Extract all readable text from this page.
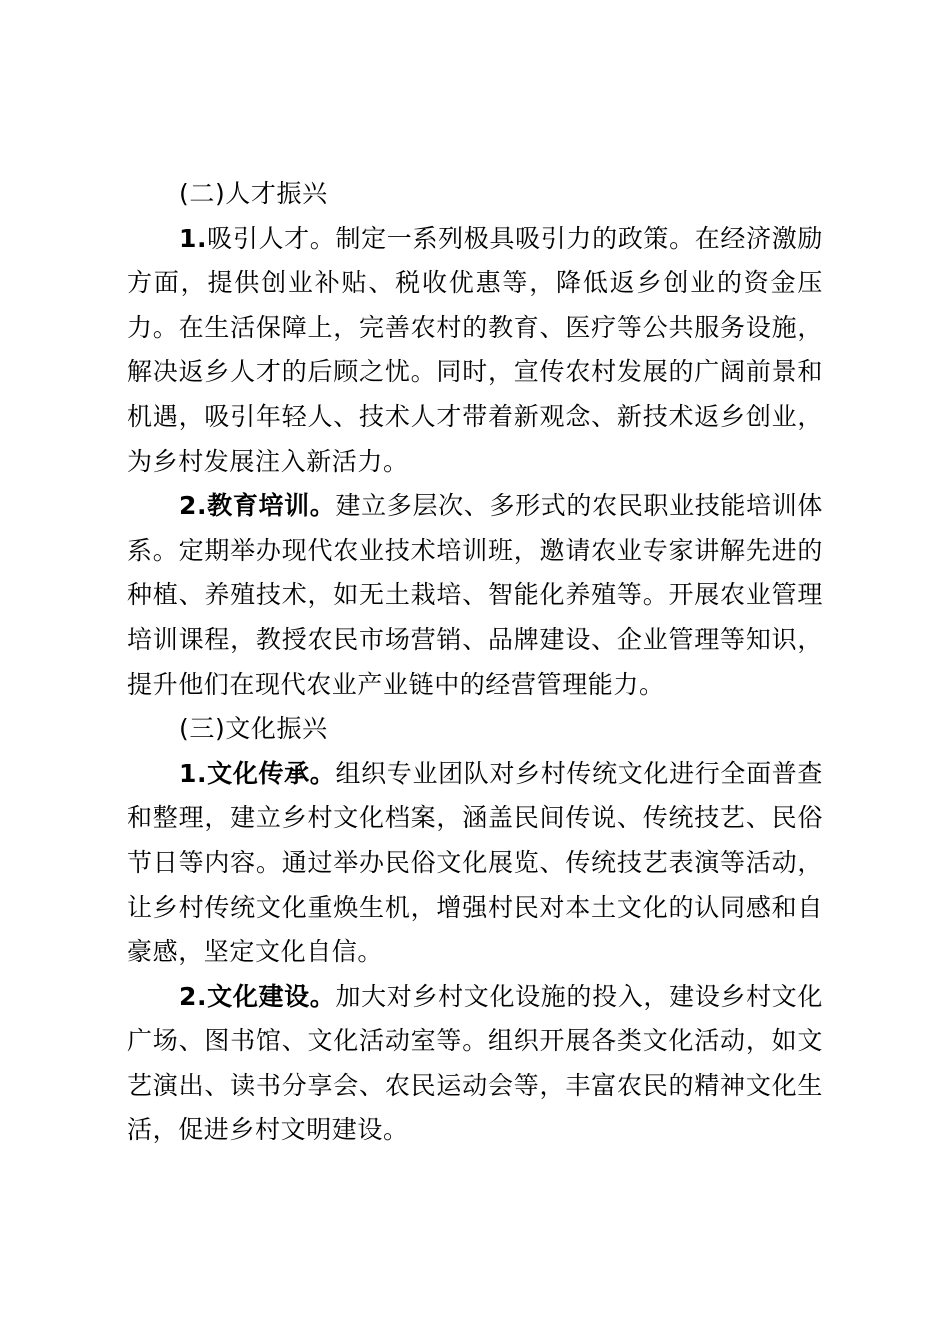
(二)人才振兴
1.吸引人才。制定一系列极具吸引力的政策。在经济激励
方面，提供创业补贴、税收优惠等，降低返乡创业的资金压
力。在生活保障上，完善农村的教育、医疗等公共服务设施，
解决返乡人才的后顾之忧。同时，宣传农村发展的广阔前景和
机遇，吸引年轻人、技术人才带着新观念、新技术返乡创业，
为乡村发展注入新活力。
2.教育培训。建立多层次、多形式的农民职业技能培训体
系。定期举办现代农业技术培训班，邀请农业专家讲解先进的
种植、养殖技术，如无土栽培、智能化养殖等。开展农业管理
培训课程，教授农民市场营销、品牌建设、企业管理等知识，
提升他们在现代农业产业链中的经营管理能力。
(三)文化振兴
1.文化传承。组织专业团队对乡村传统文化进行全面普查
和整理，建立乡村文化档案，涵盖民间传说、传统技艺、民俗
节日等内容。通过举办民俗文化展览、传统技艺表演等活动，
让乡村传统文化重焕生机，增强村民对本土文化的认同感和自
豪感，坚定文化自信。
2.文化建设。加大对乡村文化设施的投入，建设乡村文化
广场、图书馆、文化活动室等。组织开展各类文化活动，如文
艺演出、读书分享会、农民运动会等，丰富农民的精神文化生
活，促进乡村文明建设。
